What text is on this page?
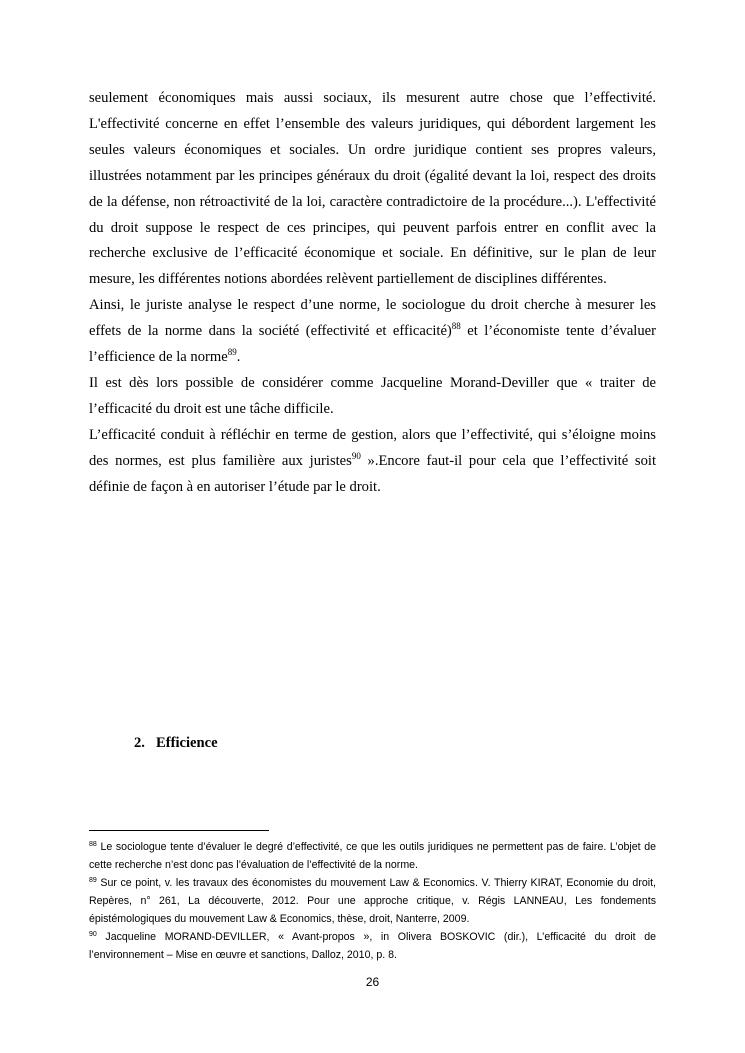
seulement économiques mais aussi sociaux, ils mesurent autre chose que l’effectivité. L'effectivité concerne en effet l’ensemble des valeurs juridiques, qui débordent largement les seules valeurs économiques et sociales. Un ordre juridique contient ses propres valeurs, illustrées notamment par les principes généraux du droit (égalité devant la loi, respect des droits de la défense, non rétroactivité de la loi, caractère contradictoire de la procédure...). L'effectivité du droit suppose le respect de ces principes, qui peuvent parfois entrer en conflit avec la recherche exclusive de l’efficacité économique et sociale. En définitive, sur le plan de leur mesure, les différentes notions abordées relèvent partiellement de disciplines différentes.

Ainsi, le juriste analyse le respect d’une norme, le sociologue du droit cherche à mesurer les effets de la norme dans la société (effectivité et efficacité)$^{88}$ et l’économiste tente d’évaluer l’efficience de la norme$^{89}$.

Il est dès lors possible de considérer comme Jacqueline Morand-Deviller que « traiter de l’efficacité du droit est une tâche difficile.

L’efficacité conduit à réfléchir en terme de gestion, alors que l’effectivité, qui s’éloigne moins des normes, est plus familière aux juristes$^{90}$ ».Encore faut-il pour cela que l’effectivité soit définie de façon à en autoriser l’étude par le droit.

2. Efficience

$^{88}$ Le sociologue tente d’évaluer le degré d’effectivité, ce que les outils juridiques ne permettent pas de faire. L’objet de cette recherche n’est donc pas l’évaluation de l’effectivité de la norme.

$^{89}$ Sur ce point, v. les travaux des économistes du mouvement Law & Economics. V. Thierry KIRAT, Economie du droit, Repères, n° 261, La découverte, 2012. Pour une approche critique, v. Régis LANNEAU, Les fondements épistémologiques du mouvement Law & Economics, thèse, droit, Nanterre, 2009.

$^{90}$ Jacqueline MORAND-DEVILLER, « Avant-propos », in Olivera BOSKOVIC (dir.), L’efficacité du droit de l’environnement – Mise en œuvre et sanctions, Dalloz, 2010, p. 8.

26
